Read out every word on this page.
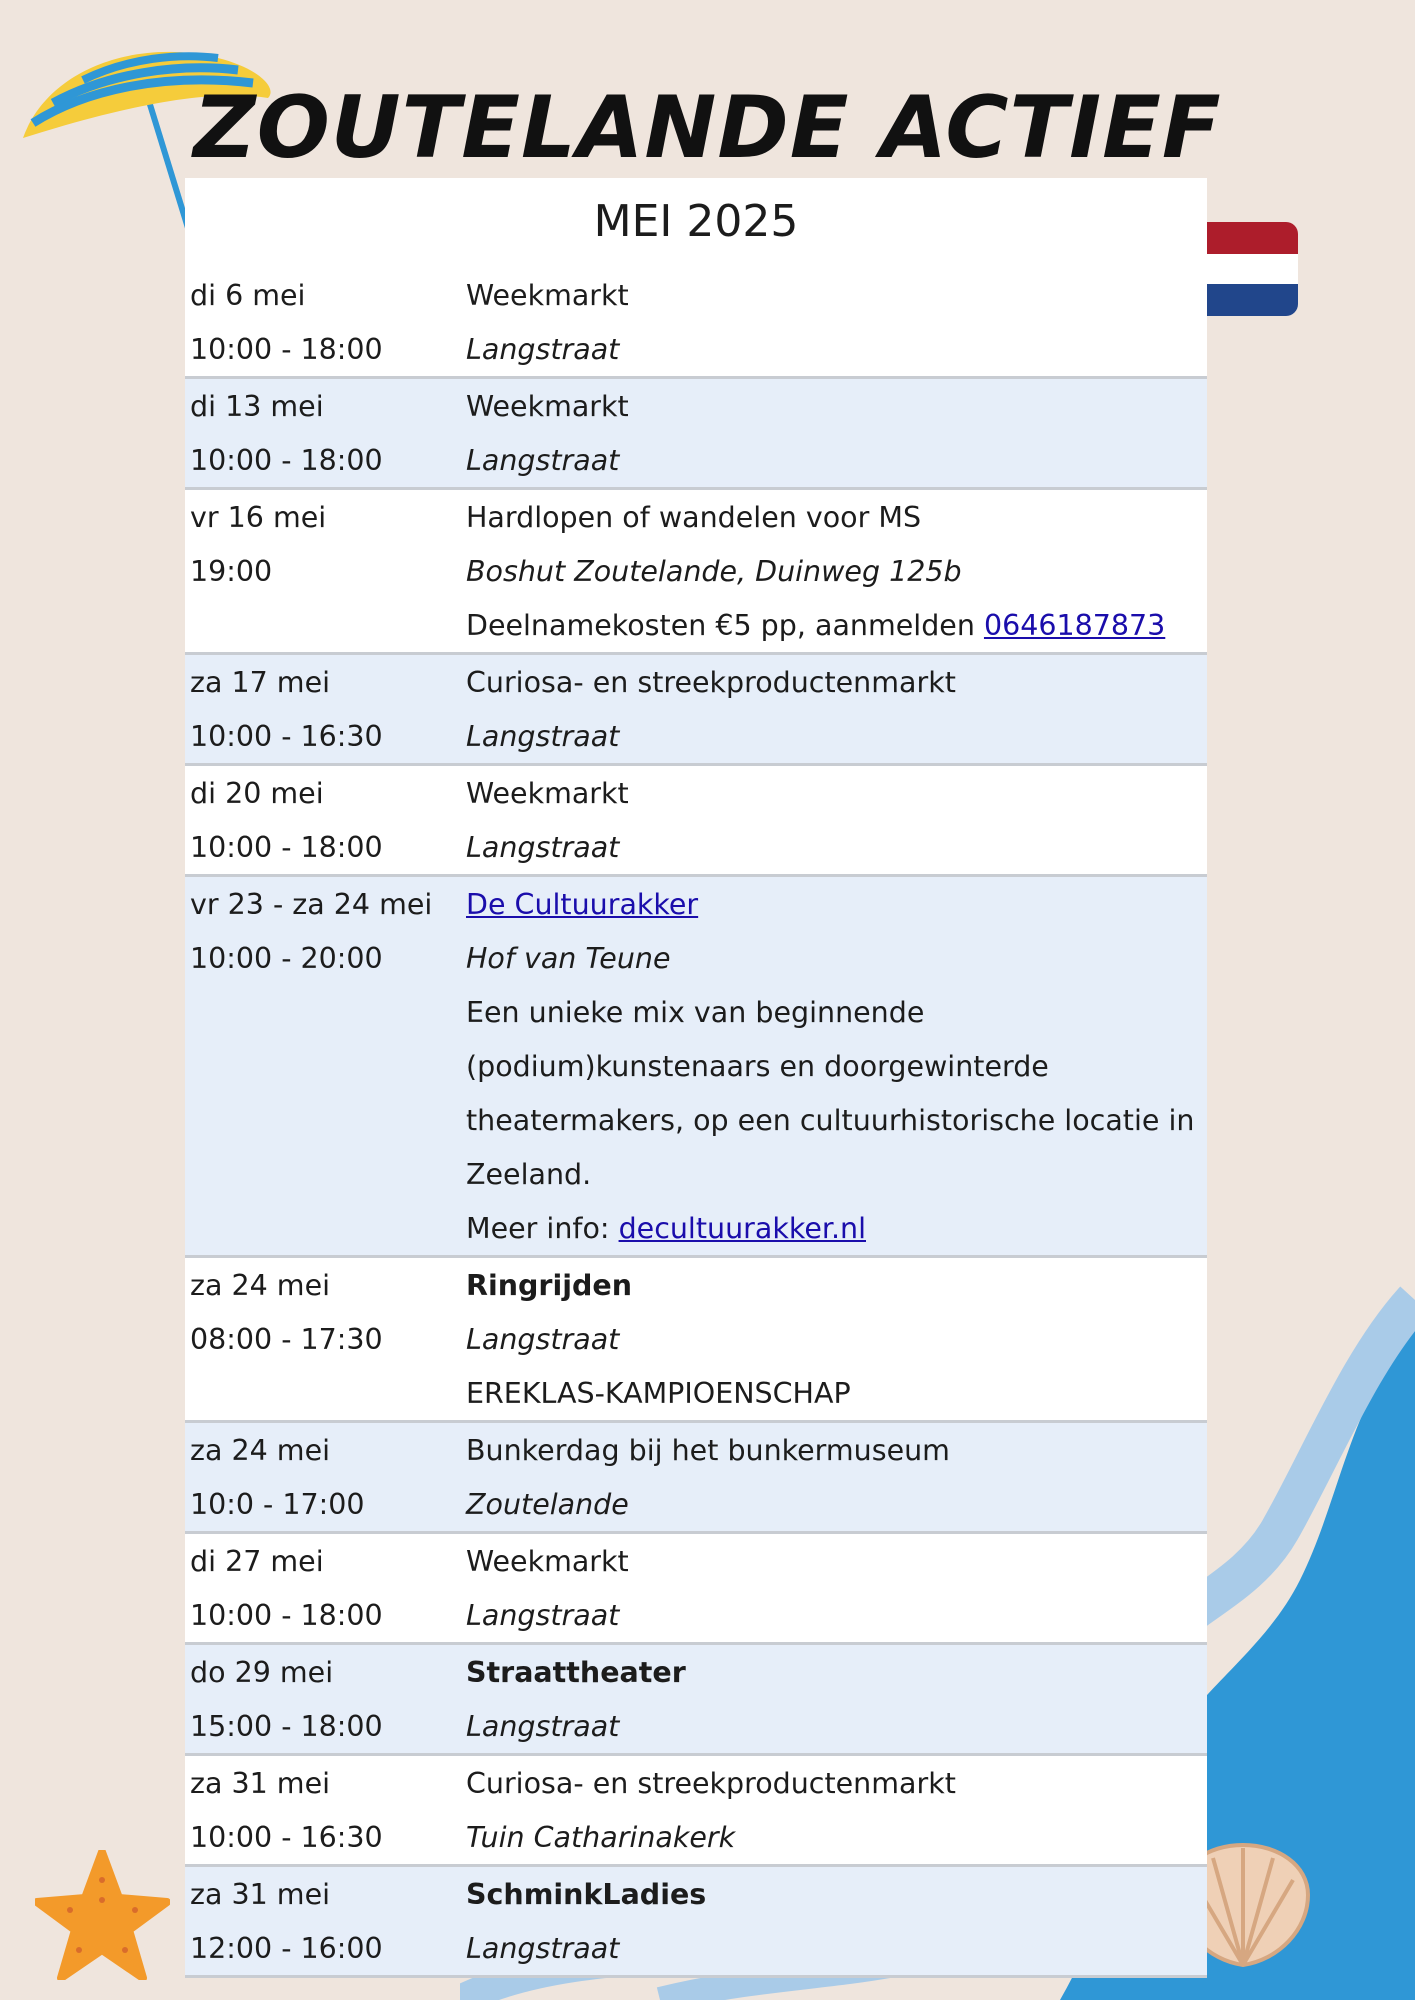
ZOUTELANDE ACTIEF
MEI 2025
di 6 mei	Weekmarkt
10:00 - 18:00	Langstraat
di 13 mei	Weekmarkt
10:00 - 18:00	Langstraat
vr 16 mei	Hardlopen of wandelen voor MS
19:00	Boshut Zoutelande, Duinweg 125b
Deelnamekosten €5 pp, aanmelden 0646187873
za 17 mei	Curiosa- en streekproductenmarkt
10:00 - 16:30	Langstraat
di 20 mei	Weekmarkt
10:00 - 18:00	Langstraat
vr 23 - za 24 mei	De Cultuurakker
10:00 - 20:00	Hof van Teune
Een unieke mix van beginnende
(podium)kunstenaars en doorgewinterde
theatermakers, op een cultuurhistorische locatie in
Zeeland.
Meer info: decultuurakker.nl
za 24 mei	Ringrijden
08:00 - 17:30	Langstraat
EREKLAS-KAMPIOENSCHAP
za 24 mei	Bunkerdag bij het bunkermuseum
10:0 - 17:00	Zoutelande
di 27 mei	Weekmarkt
10:00 - 18:00	Langstraat
do 29 mei	Straattheater
15:00 - 18:00	Langstraat
za 31 mei	Curiosa- en streekproductenmarkt
10:00 - 16:30	Tuin Catharinakerk
za 31 mei	SchminkLadies
12:00 - 16:00	Langstraat
